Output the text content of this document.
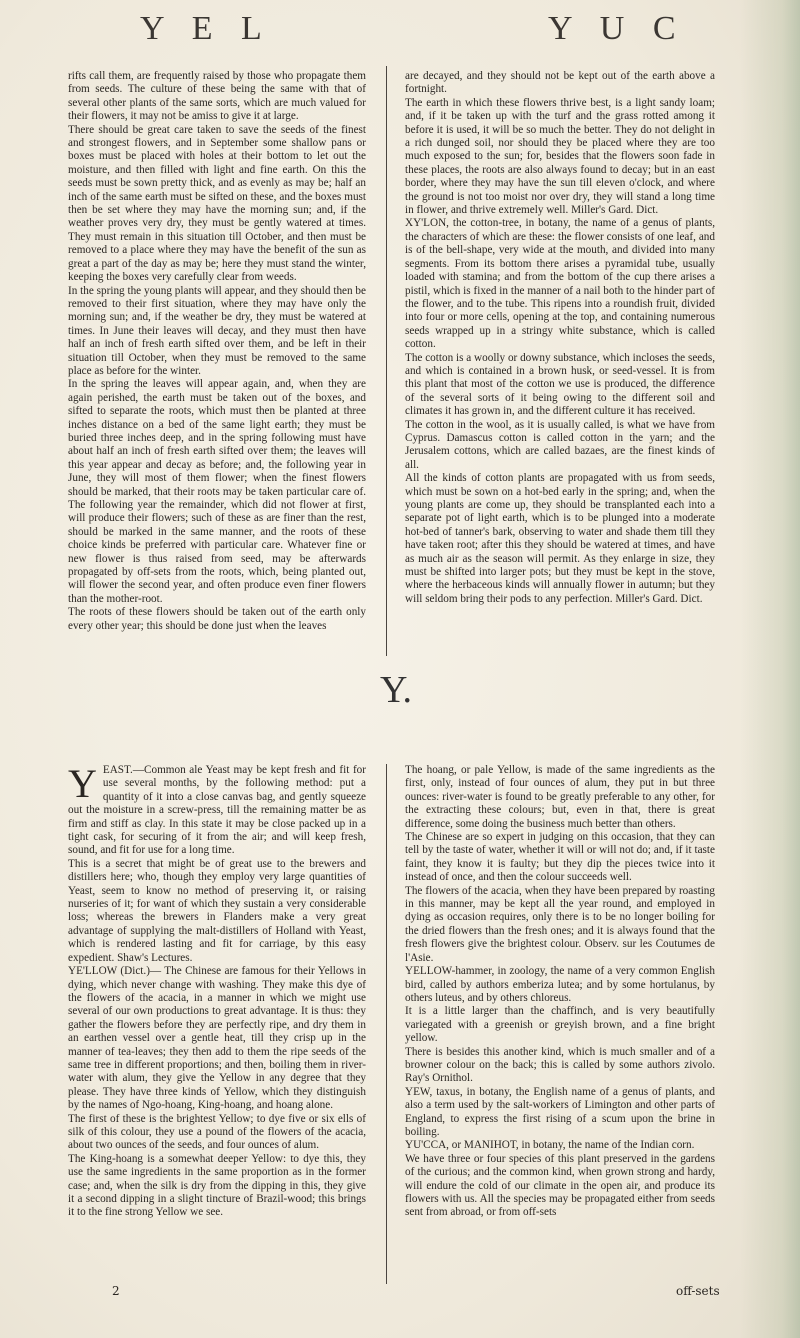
Y E L	Y U C

rifts call them, are frequently raised by those who propagate them from seeds. The culture of these being the same with that of several other plants of the same sorts, which are much valued for their flowers, it may not be amiss to give it at large.

There should be great care taken to save the seeds of the finest and strongest flowers, and in September some shallow pans or boxes must be placed with holes at their bottom to let out the moisture, and then filled with light and fine earth. On this the seeds must be sown pretty thick, and as evenly as may be; half an inch of the same earth must be sifted on these, and the boxes must then be set where they may have the morning sun; and, if the weather proves very dry, they must be gently watered at times. They must remain in this situation till October, and then must be removed to a place where they may have the benefit of the sun as great a part of the day as may be; here they must stand the winter, keeping the boxes very carefully clear from weeds.

In the spring the young plants will appear, and they should then be removed to their first situation, where they may have only the morning sun; and, if the weather be dry, they must be watered at times. In June their leaves will decay, and they must then have half an inch of fresh earth sifted over them, and be left in their situation till October, when they must be removed to the same place as before for the winter.

In the spring the leaves will appear again, and, when they are again perished, the earth must be taken out of the boxes, and sifted to separate the roots, which must then be planted at three inches distance on a bed of the same light earth; they must be buried three inches deep, and in the spring following must have about half an inch of fresh earth sifted over them; the leaves will this year appear and decay as before; and, the following year in June, they will most of them flower; when the finest flowers should be marked, that their roots may be taken particular care of. The following year the remainder, which did not flower at first, will produce their flowers; such of these as are finer than the rest, should be marked in the same manner, and the roots of these choice kinds be preferred with particular care. Whatever fine or new flower is thus raised from seed, may be afterwards propagated by off-sets from the roots, which, being planted out, will flower the second year, and often produce even finer flowers than the mother-root.

The roots of these flowers should be taken out of the earth only every other year; this should be done just when the leaves

are decayed, and they should not be kept out of the earth above a fortnight.

The earth in which these flowers thrive best, is a light sandy loam; and, if it be taken up with the turf and the grass rotted among it before it is used, it will be so much the better. They do not delight in a rich dunged soil, nor should they be placed where they are too much exposed to the sun; for, besides that the flowers soon fade in these places, the roots are also always found to decay; but in an east border, where they may have the sun till eleven o'clock, and where the ground is not too moist nor over dry, they will stand a long time in flower, and thrive extremely well. Miller's Gard. Dict.

XY'LON, the cotton-tree, in botany, the name of a genus of plants, the characters of which are these: the flower consists of one leaf, and is of the bell-shape, very wide at the mouth, and divided into many segments. From its bottom there arises a pyramidal tube, usually loaded with stamina; and from the bottom of the cup there arises a pistil, which is fixed in the manner of a nail both to the hinder part of the flower, and to the tube. This ripens into a roundish fruit, divided into four or more cells, opening at the top, and containing numerous seeds wrapped up in a stringy white substance, which is called cotton.

The cotton is a woolly or downy substance, which incloses the seeds, and which is contained in a brown husk, or seed-vessel. It is from this plant that most of the cotton we use is produced, the difference of the several sorts of it being owing to the different soil and climates it has grown in, and the different culture it has received.

The cotton in the wool, as it is usually called, is what we have from Cyprus. Damascus cotton is called cotton in the yarn; and the Jerusalem cottons, which are called bazaes, are the finest kinds of all.

All the kinds of cotton plants are propagated with us from seeds, which must be sown on a hot-bed early in the spring; and, when the young plants are come up, they should be transplanted each into a separate pot of light earth, which is to be plunged into a moderate hot-bed of tanner's bark, observing to water and shade them till they have taken root; after this they should be watered at times, and have as much air as the season will permit. As they enlarge in size, they must be shifted into larger pots; but they must be kept in the stove, where the herbaceous kinds will annually flower in autumn; but they will seldom bring their pods to any perfection. Miller's Gard. Dict.

Y.
Y EAST.—Common ale Yeast may be kept fresh and fit for use several months, by the following method: put a quantity of it into a close canvas bag, and gently squeeze out the moisture in a screw-press, till the remaining matter be as firm and stiff as clay. In this state it may be close packed up in a tight cask, for securing of it from the air; and will keep fresh, sound, and fit for use for a long time.

This is a secret that might be of great use to the brewers and distillers here; who, though they employ very large quantities of Yeast, seem to know no method of preserving it, or raising nurseries of it; for want of which they sustain a very considerable loss; whereas the brewers in Flanders make a very great advantage of supplying the malt-distillers of Holland with Yeast, which is rendered lasting and fit for carriage, by this easy expedient. Shaw's Lectures.

YE'LLOW (Dict.)— The Chinese are famous for their Yellows in dying, which never change with washing. They make this dye of the flowers of the acacia, in a manner in which we might use several of our own productions to great advantage. It is thus: they gather the flowers before they are perfectly ripe, and dry them in an earthen vessel over a gentle heat, till they crisp up in the manner of tea-leaves; they then add to them the ripe seeds of the same tree in different proportions; and then, boiling them in river-water with alum, they give the Yellow in any degree that they please. They have three kinds of Yellow, which they distinguish by the names of Ngo-hoang, King-hoang, and hoang alone.

The first of these is the brightest Yellow; to dye five or six ells of silk of this colour, they use a pound of the flowers of the acacia, about two ounces of the seeds, and four ounces of alum.

The King-hoang is a somewhat deeper Yellow: to dye this, they use the same ingredients in the same proportion as in the former case; and, when the silk is dry from the dipping in this, they give it a second dipping in a slight tincture of Brazil-wood; this brings it to the fine strong Yellow we see.

The hoang, or pale Yellow, is made of the same ingredients as the first, only, instead of four ounces of alum, they put in but three ounces: river-water is found to be greatly preferable to any other, for the extracting these colours; but, even in that, there is great difference, some doing the business much better than others.

The Chinese are so expert in judging on this occasion, that they can tell by the taste of water, whether it will or will not do; and, if it taste faint, they know it is faulty; but they dip the pieces twice into it instead of once, and then the colour succeeds well.

The flowers of the acacia, when they have been prepared by roasting in this manner, may be kept all the year round, and employed in dying as occasion requires, only there is to be no longer boiling for the dried flowers than the fresh ones; and it is always found that the fresh flowers give the brightest colour. Observ. sur les Coutumes de l'Asie.

YELLOW-hammer, in zoology, the name of a very common English bird, called by authors emberiza lutea; and by some hortulanus, by others luteus, and by others chloreus.

It is a little larger than the chaffinch, and is very beautifully variegated with a greenish or greyish brown, and a fine bright yellow.

There is besides this another kind, which is much smaller and of a browner colour on the back; this is called by some authors zivolo. Ray's Ornithol.

YEW, taxus, in botany, the English name of a genus of plants, and also a term used by the salt-workers of Limington and other parts of England, to express the first rising of a scum upon the brine in boiling.

YU'CCA, or MANIHOT, in botany, the name of the Indian corn.

We have three or four species of this plant preserved in the gardens of the curious; and the common kind, when grown strong and hardy, will endure the cold of our climate in the open air, and produce its flowers with us. All the species may be propagated either from seeds sent from abroad, or from off-sets

2	off-sets
